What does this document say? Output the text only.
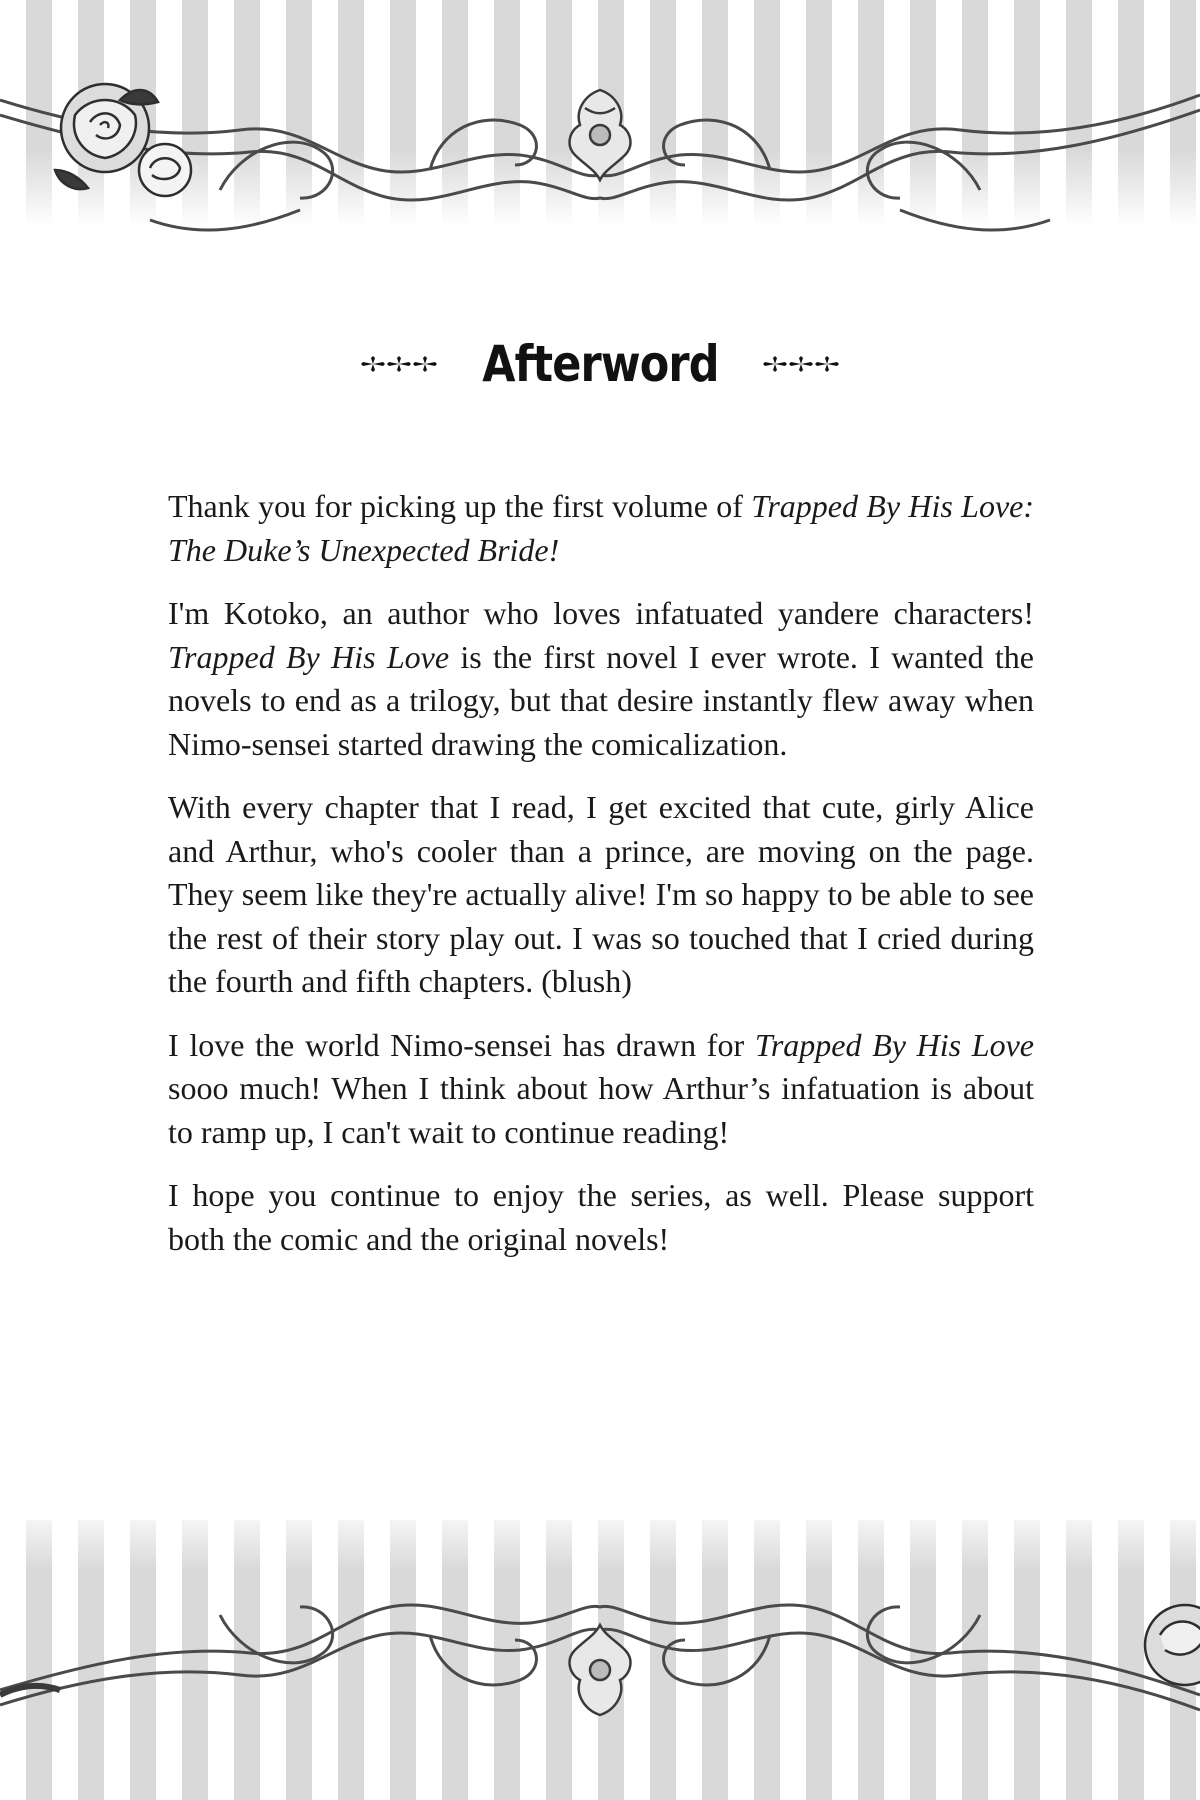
Afterword

Thank you for picking up the first volume of Trapped By His Love: The Duke’s Unexpected Bride!

I'm Kotoko, an author who loves infatuated yandere characters! Trapped By His Love is the first novel I ever wrote. I wanted the novels to end as a trilogy, but that desire instantly flew away when Nimo-sensei started drawing the comicalization.

With every chapter that I read, I get excited that cute, girly Alice and Arthur, who's cooler than a prince, are moving on the page. They seem like they're actually alive! I'm so happy to be able to see the rest of their story play out. I was so touched that I cried during the fourth and fifth chapters. (blush)

I love the world Nimo-sensei has drawn for Trapped By His Love sooo much! When I think about how Arthur’s infatuation is about to ramp up, I can't wait to continue reading!

I hope you continue to enjoy the series, as well. Please support both the comic and the original novels!
